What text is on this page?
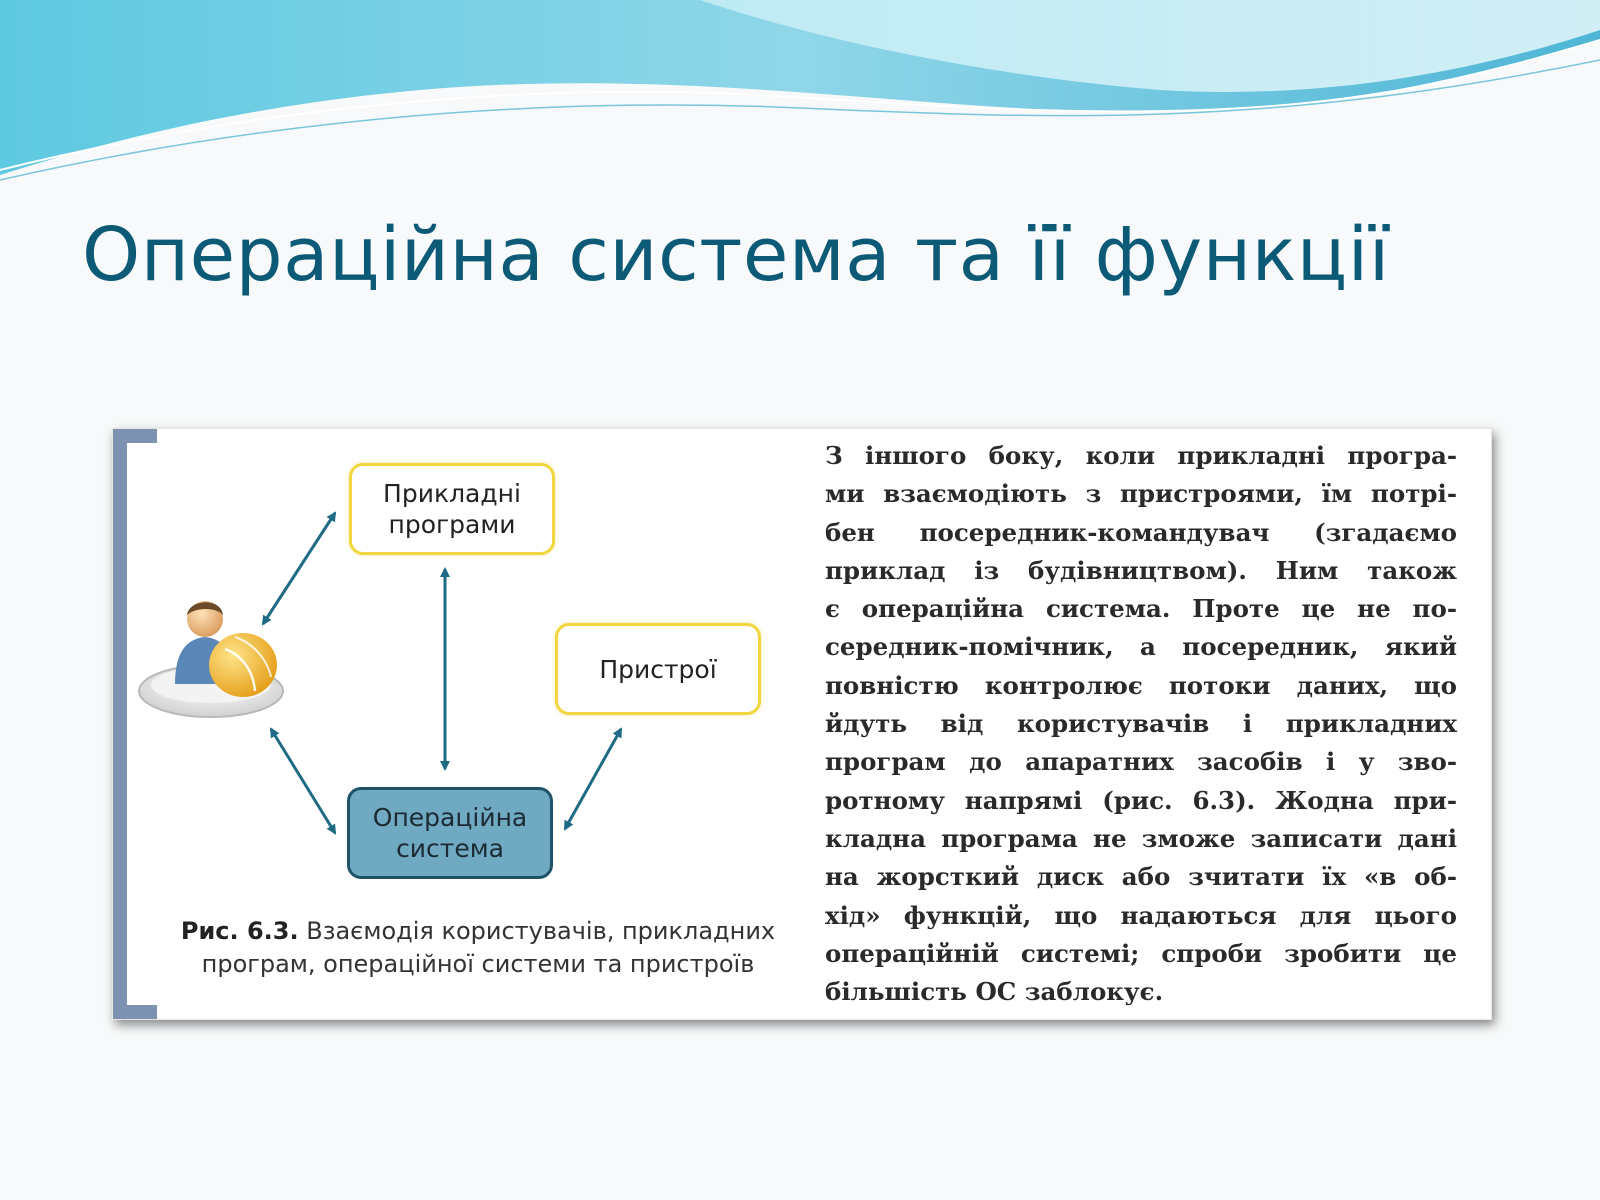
Операційна система та її функції
Прикладні
програми
Пристрої
Операційна
система
Рис. 6.3. Взаємодія користувачів, прикладних програм, операційної системи та пристроїв
З іншого боку, коли прикладні програ-
ми взаємодіють з пристроями, їм потрі-
бен посередник-командувач (згадаємо
приклад із будівництвом). Ним також
є операційна система. Проте це не по-
середник-помічник, а посередник, який
повністю контролює потоки даних, що
йдуть від користувачів і прикладних
програм до апаратних засобів і у зво-
ротному напрямі (рис. 6.3). Жодна при-
кладна програма не зможе записати дані
на жорсткий диск або зчитати їх «в об-
хід» функцій, що надаються для цього
операційній системі; спроби зробити це
більшість ОС заблокує.
